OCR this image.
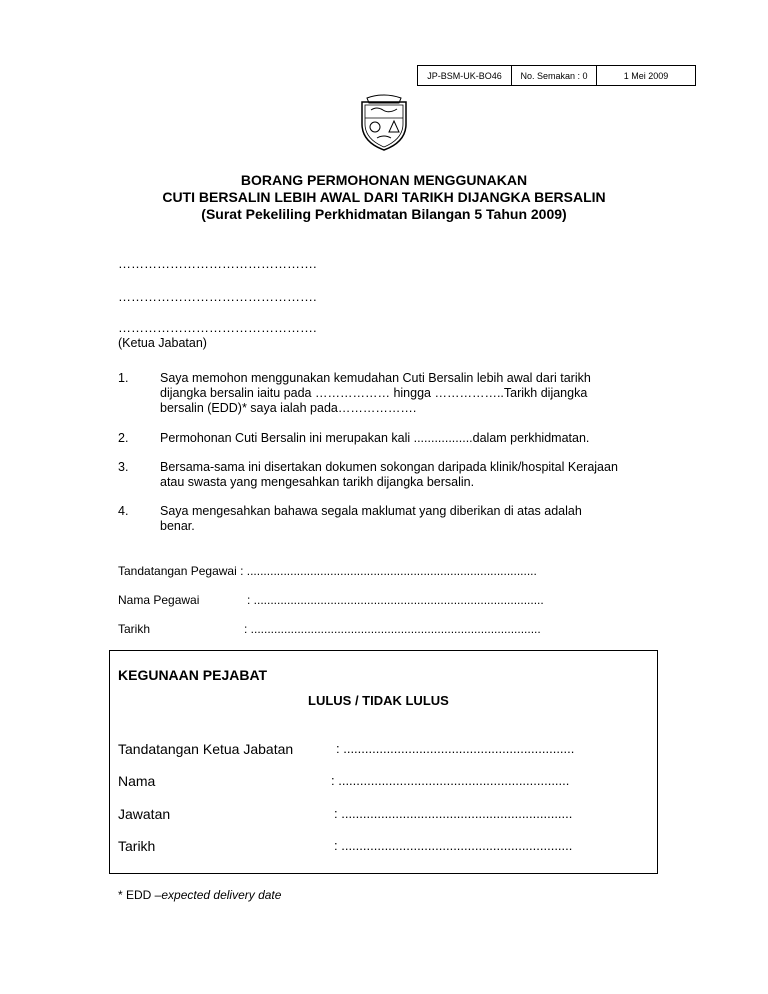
JP-BSM-UK-BO46	No. Semakan : 0	1 Mei 2009
BORANG PERMOHONAN MENGGUNAKAN
CUTI BERSALIN LEBIH AWAL DARI TARIKH DIJANGKA BERSALIN
(Surat Pekeliling Perkhidmatan Bilangan 5 Tahun 2009)
……………………………………….
……………………………………….
……………………………………….
(Ketua Jabatan)
1.	Saya memohon menggunakan kemudahan Cuti Bersalin lebih awal dari tarikh dijangka bersalin iaitu pada ……………… hingga ……………..Tarikh dijangka bersalin (EDD)* saya ialah pada……………….
2.	Permohonan Cuti Bersalin ini merupakan kali .................dalam perkhidmatan.
3.	Bersama-sama ini disertakan dokumen sokongan daripada klinik/hospital Kerajaan atau swasta yang mengesahkan tarikh dijangka bersalin.
4.	Saya mengesahkan bahawa segala maklumat yang diberikan di atas adalah benar.
Tandatangan Pegawai : .......................................................................................
Nama Pegawai	: .......................................................................................
Tarikh	: .......................................................................................
KEGUNAAN PEJABAT
LULUS / TIDAK LULUS
Tandatangan Ketua Jabatan	: ................................................................
Nama	: ................................................................
Jawatan	: ................................................................
Tarikh	: ................................................................
* EDD –expected delivery date
